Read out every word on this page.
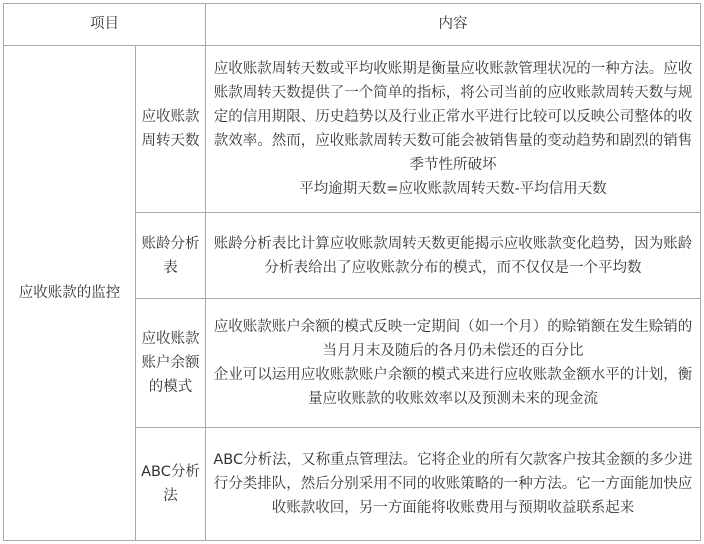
项目		内容
应收账款的监控	应收账款周转天数	应收账款周转天数或平均收账期是衡量应收账款管理状况的一种方法。应收账款周转天数提供了一个简单的指标，将公司当前的应收账款周转天数与规定的信用期限、历史趋势以及行业正常水平进行比较可以反映公司整体的收款效率。然而，应收账款周转天数可能会被销售量的变动趋势和剧烈的销售季节性所破坏
平均逾期天数=应收账款周转天数-平均信用天数

	账龄分析表	账龄分析表比计算应收账款周转天数更能揭示应收账款变化趋势，因为账龄分析表给出了应收账款分布的模式，而不仅仅是一个平均数

	应收账款账户余额的模式	应收账款账户余额的模式反映一定期间（如一个月）的赊销额在发生赊销的当月月末及随后的各月仍未偿还的百分比
企业可以运用应收账款账户余额的模式来进行应收账款金额水平的计划，衡量应收账款的收账效率以及预测未来的现金流

	ABC分析法	ABC分析法，又称重点管理法。它将企业的所有欠款客户按其金额的多少进行分类排队，然后分别采用不同的收账策略的一种方法。它一方面能加快应收账款收回，另一方面能将收账费用与预期收益联系起来
